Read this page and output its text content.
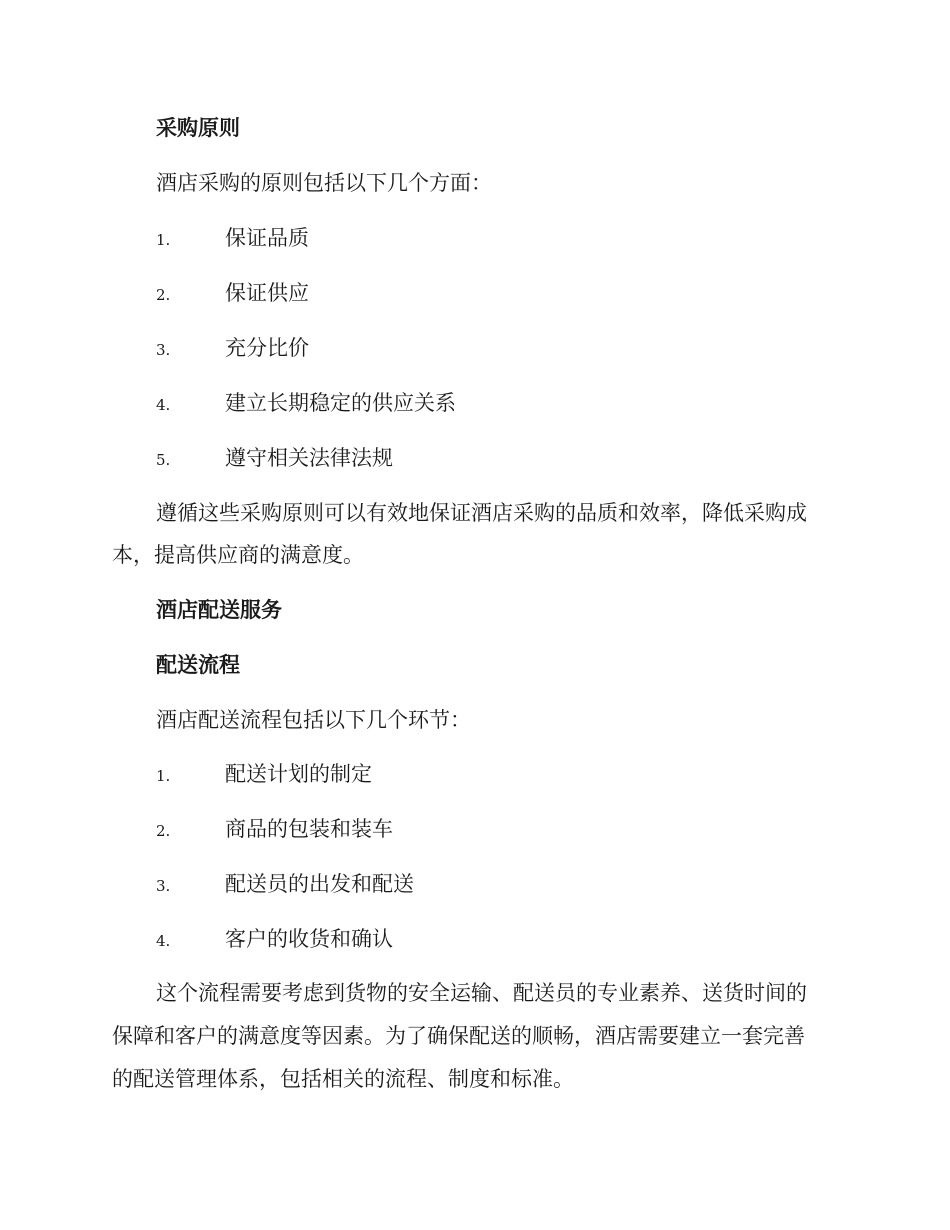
采购原则
酒店采购的原则包括以下几个方面：
1.	保证品质
2.	保证供应
3.	充分比价
4.	建立长期稳定的供应关系
5.	遵守相关法律法规
遵循这些采购原则可以有效地保证酒店采购的品质和效率，降低采购成
本，提高供应商的满意度。
酒店配送服务
配送流程
酒店配送流程包括以下几个环节：
1.	配送计划的制定
2.	商品的包装和装车
3.	配送员的出发和配送
4.	客户的收货和确认
这个流程需要考虑到货物的安全运输、配送员的专业素养、送货时间的
保障和客户的满意度等因素。为了确保配送的顺畅，酒店需要建立一套完善
的配送管理体系，包括相关的流程、制度和标准。
